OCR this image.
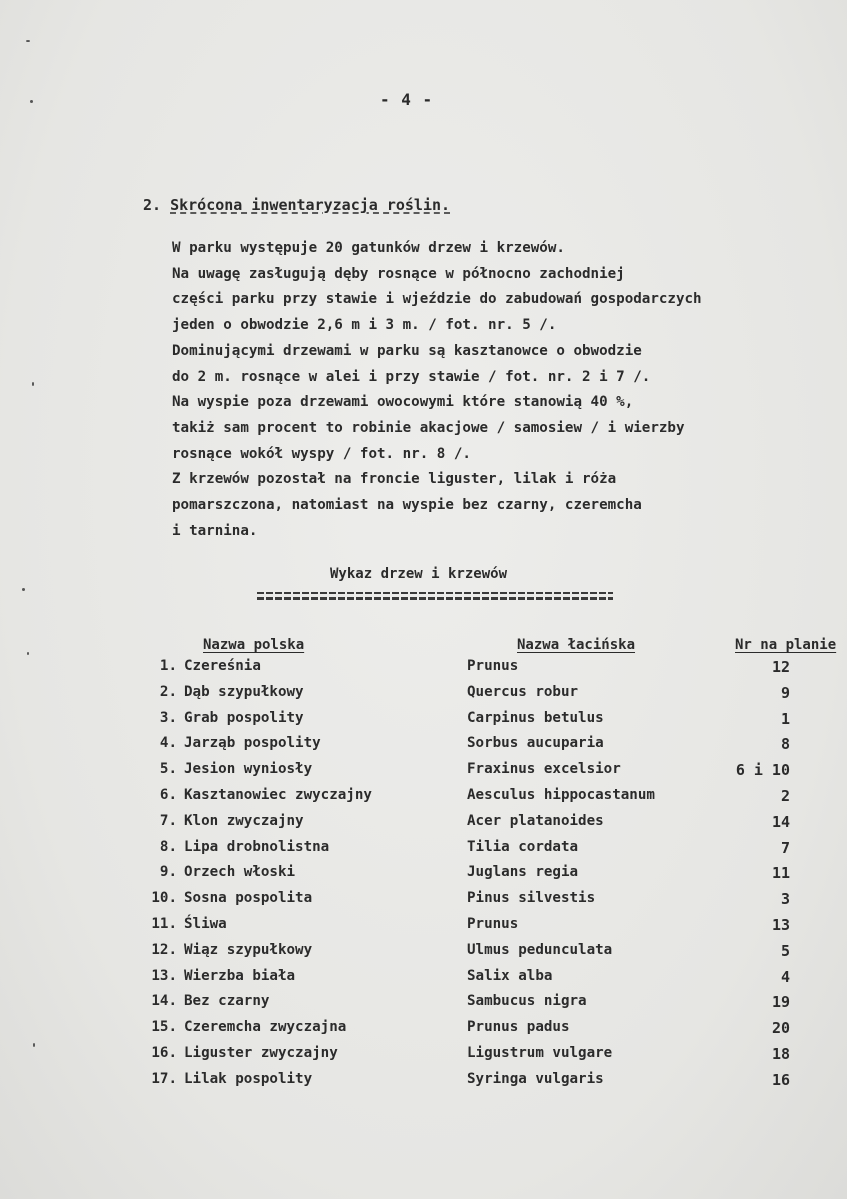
- 4 -
2. Skrócona inwentaryzacja roślin.
W parku występuje 20 gatunków drzew i krzewów.
Na uwagę zasługują dęby rosnące w północno zachodniej
części parku przy stawie i wjeździe do zabudowań gospodarczych
jeden o obwodzie 2,6 m i 3 m. / fot. nr. 5 /.
Dominującymi drzewami w parku są kasztanowce o obwodzie
do 2 m. rosnące w alei i przy stawie / fot. nr. 2 i 7 /.
Na wyspie poza drzewami owocowymi które stanowią 40 %,
takiż sam procent to robinie akacjowe / samosiew / i wierzby
rosnące wokół wyspy / fot. nr. 8 /.
Z krzewów pozostał na froncie liguster, lilak i róża
pomarszczona, natomiast na wyspie bez czarny, czeremcha
i tarnina.
Wykaz drzew i krzewów
Nazwa polska	Nazwa łacińska	Nr na planie
1. Czereśnia	Prunus	12
2. Dąb szypułkowy	Quercus robur	9
3. Grab pospolity	Carpinus betulus	1
4. Jarząb pospolity	Sorbus aucuparia	8
5. Jesion wyniosły	Fraxinus excelsior	6 i 10
6. Kasztanowiec zwyczajny	Aesculus hippocastanum	2
7. Klon zwyczajny	Acer platanoides	14
8. Lipa drobnolistna	Tilia cordata	7
9. Orzech włoski	Juglans regia	11
10. Sosna pospolita	Pinus silvestis	3
11. Śliwa	Prunus	13
12. Wiąz szypułkowy	Ulmus pedunculata	5
13. Wierzba biała	Salix alba	4
14. Bez czarny	Sambucus nigra	19
15. Czeremcha zwyczajna	Prunus padus	20
16. Liguster zwyczajny	Ligustrum vulgare	18
17. Lilak pospolity	Syringa vulgaris	16
